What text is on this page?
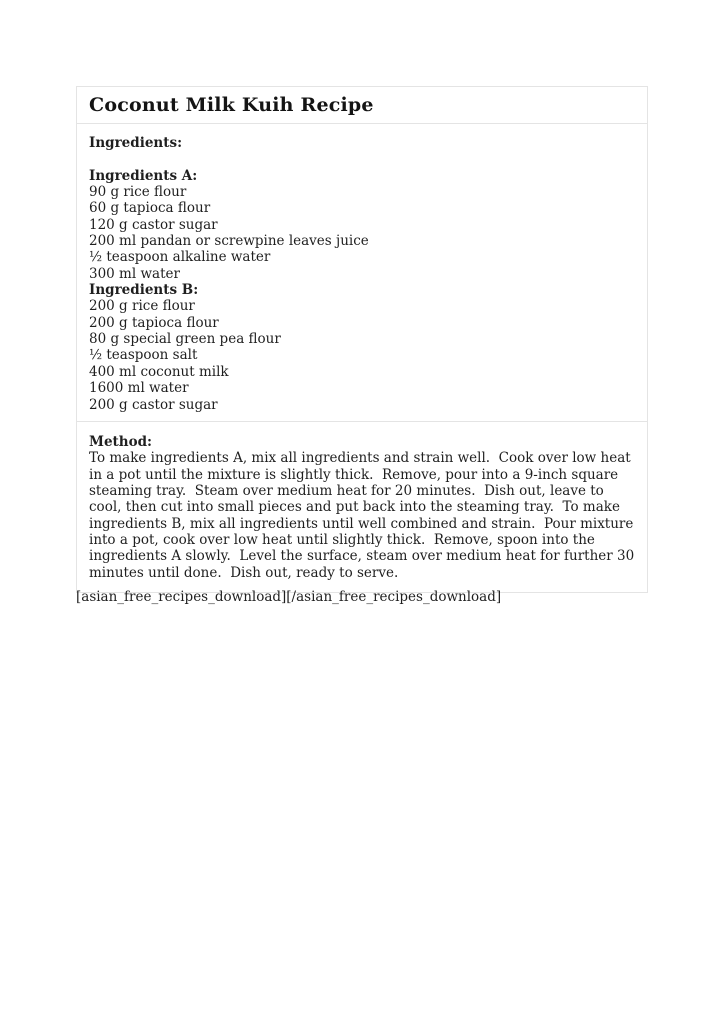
Coconut Milk Kuih Recipe
Ingredients:
Ingredients A:
90 g rice flour
60 g tapioca flour
120 g castor sugar
200 ml pandan or screwpine leaves juice
½ teaspoon alkaline water
300 ml water
Ingredients B:
200 g rice flour
200 g tapioca flour
80 g special green pea flour
½ teaspoon salt
400 ml coconut milk
1600 ml water
200 g castor sugar
Method:

To make ingredients A, mix all ingredients and strain well.  Cook over low heat in a pot until the mixture is slightly thick.  Remove, pour into a 9-inch square steaming tray.  Steam over medium heat for 20 minutes.  Dish out, leave to cool, then cut into small pieces and put back into the steaming tray.  To make ingredients B, mix all ingredients until well combined and strain.  Pour mixture into a pot, cook over low heat until slightly thick.  Remove, spoon into the ingredients A slowly.  Level the surface, steam over medium heat for further 30 minutes until done.  Dish out, ready to serve.

[asian_free_recipes_download][/asian_free_recipes_download]
